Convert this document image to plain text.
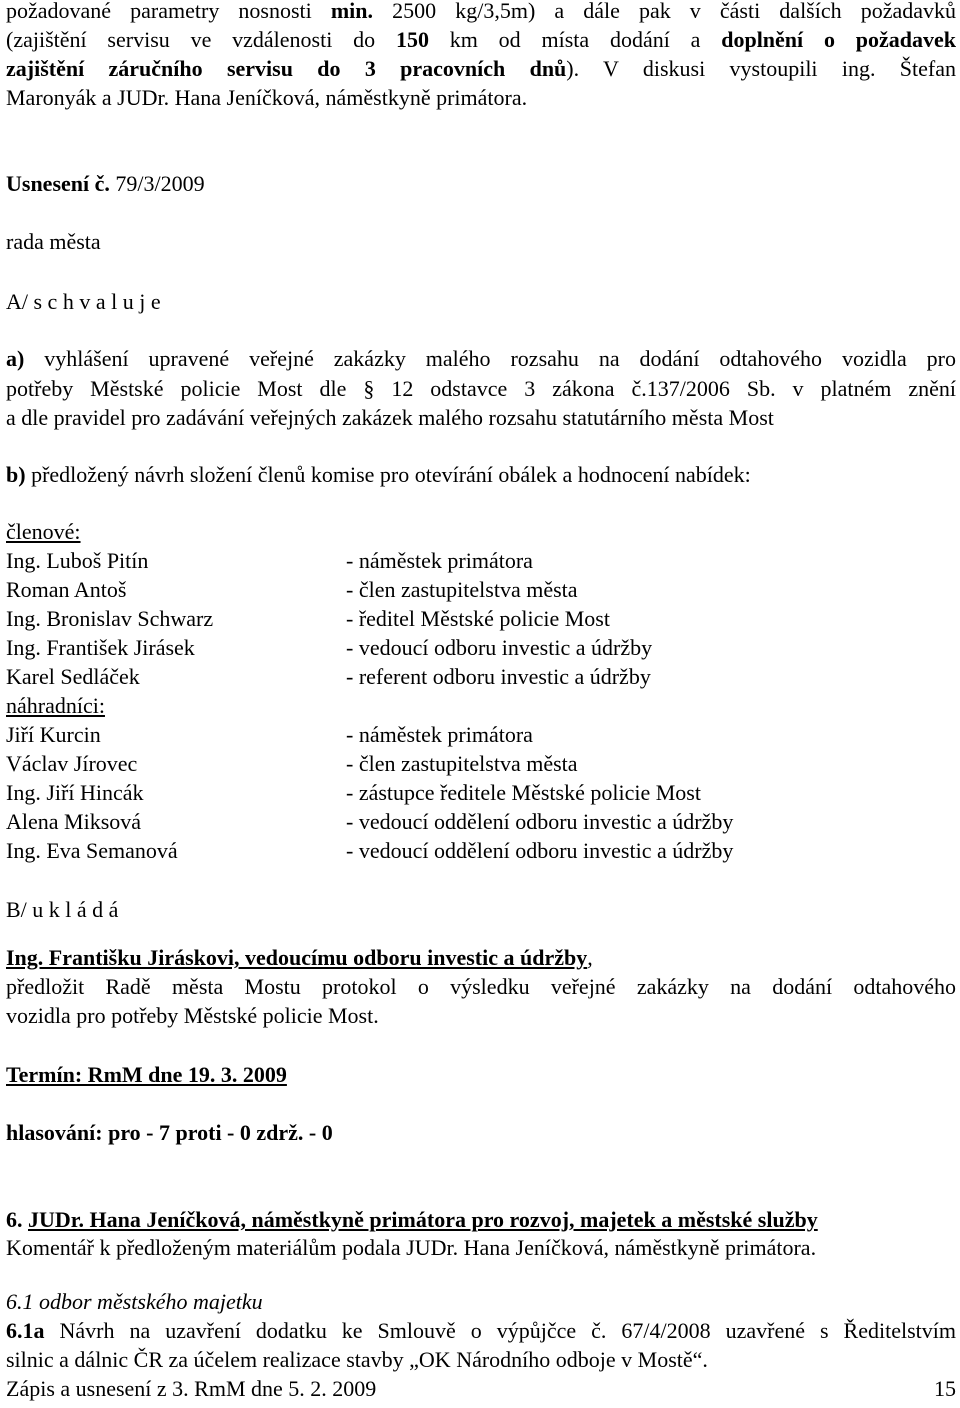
požadované parametry nosnosti min. 2500 kg/3,5m) a dále pak v části dalších požadavků
(zajištění servisu ve vzdálenosti do 150 km od místa dodání a doplnění o požadavek
zajištění záručního servisu do 3 pracovních dnů). V diskusi vystoupili ing. Štefan
Maronyák a JUDr. Hana Jeníčková, náměstkyně primátora.
Usnesení č. 79/3/2009
rada města
A/ s c h v a l u j e
a) vyhlášení upravené veřejné zakázky malého rozsahu na dodání odtahového vozidla pro
potřeby Městské policie Most dle § 12 odstavce 3 zákona č.137/2006 Sb. v platném znění
a dle pravidel pro zadávání veřejných zakázek malého rozsahu statutárního města Most
b) předložený návrh složení členů komise pro otevírání obálek a hodnocení nabídek:
členové:
Ing. Luboš Pitín	- náměstek primátora
Roman Antoš	- člen zastupitelstva města
Ing. Bronislav Schwarz	- ředitel Městské policie Most
Ing. František Jirásek	- vedoucí odboru investic a údržby
Karel Sedláček	- referent odboru investic a údržby
náhradníci:
Jiří Kurcin	- náměstek primátora
Václav Jírovec	- člen zastupitelstva města
Ing. Jiří Hincák	- zástupce ředitele Městské policie Most
Alena Miksová	- vedoucí oddělení odboru investic a údržby
Ing. Eva Semanová	- vedoucí oddělení odboru investic a údržby
B/ u k l á d á
Ing. Františku Jiráskovi, vedoucímu odboru investic a údržby,
předložit Radě města Mostu protokol o výsledku veřejné zakázky na dodání odtahového
vozidla pro potřeby Městské policie Most.
Termín: RmM dne 19. 3. 2009
hlasování: pro - 7 proti - 0 zdrž. - 0
6. JUDr. Hana Jeníčková, náměstkyně primátora pro rozvoj, majetek a městské služby
Komentář k předloženým materiálům podala JUDr. Hana Jeníčková, náměstkyně primátora.
6.1 odbor městského majetku
6.1a Návrh na uzavření dodatku ke Smlouvě o výpůjčce č. 67/4/2008 uzavřené s Ředitelstvím
silnic a dálnic ČR za účelem realizace stavby „OK Národního odboje v Mostě“.
Zápis a usnesení z 3. RmM dne 5. 2. 2009	15
